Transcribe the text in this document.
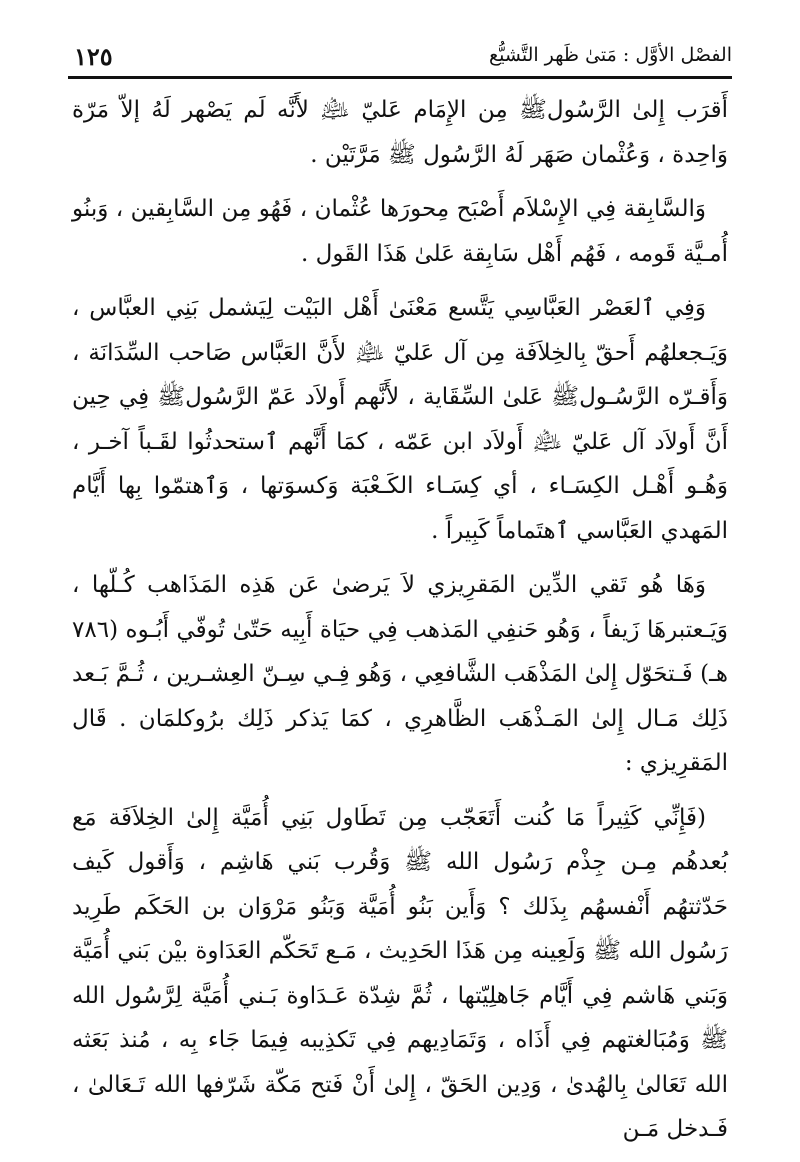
١٢٥	الفصْل الأوَّل : مَتىٰ ظَهر التَّشيُّع

أَقرَب إِلىٰ الرَّسُولﷺ مِن الإِمَام عَليّ ﵇ لأَنَّه لَم يَصْهر لَهُ إلاّ مَرّة وَاحِدة ، وَعُثْمان صَهَر لَهُ الرَّسُول ﷺ مَرَّتَيْن .

وَالسَّابِقة فِي الإِسْلاَم أَصْبَح مِحورَها عُثْمان ، فَهُو مِن السَّابِقين ، وَبنُو أُمـيَّة قَومه ، فَهُم أَهْل سَابِقة عَلىٰ هَذَا القَول .

وَفِي ٱلعَصْر العَبَّاسِي يَتَّسع مَعْنَىٰ أَهْل البَيْت لِيَشمل بَنِي العبَّاس ، وَيَـجعلهُم أَحقّ بِالخِلاَفَة مِن آل عَليّ ﵇ لأَنَّ العَبَّاس صَاحب السِّدَانَة ، وَأَقـرّه الرَّسُـولﷺ عَلىٰ السِّقَاية ، لأَنَّهم أَولاَد عَمّ الرَّسُولﷺ فِي حِين أَنَّ أَولاَد آل عَليّ ﵇ أَولاَد ابن عَمّه ، كمَا أَنَّهم ٱستحدثُوا لقَـباً آخـر ، وَهُـو أَهْـل الكِسَـاء ، أي كِسَـاء الكَـعْبَة وَكسوَتها ، وَٱهتمّوا بِها أَيَّام المَهدي العَبَّاسي ٱهتَماماً كَبِيراً .

وَهَا هُو تَقي الدِّين المَقرِيزي لاَ يَرضىٰ عَن هَذِه المَذَاهب كُـلّها ، وَيَـعتبرهَا زَيفاً ، وَهُو حَنفِي المَذهب فِي حيَاة أَبِيه حَتّىٰ تُوفّي أَبُـوه (٧٨٦ هـ) فَـتحَوّل إِلىٰ المَذْهَب الشَّافعِي ، وَهُو فِـي سِـنّ العِشـرين ، ثُـمَّ بَـعد ذَلِك مَـال إِلىٰ المَـذْهَب الظَّاهرِي ، كمَا يَذكر ذَلِك برُوكلمَان . قَال المَقرِيزي :

(فَإِنِّي كَثِيراً مَا كُنت أَتَعَجّب مِن تَطَاول بَنِي أُمَيَّة إِلىٰ الخِلاَفَة مَع بُعدهُم مِـن جِذْم رَسُول الله ﷺ وَقُرب بَني هَاشِم ، وَأَقول كَيف حَدّثتهُم أَنْفسهُم بِذَلك ؟ وَأَين بَنُو أُمَيَّة وَبَنُو مَرْوَان بن الحَكَم طَرِيد رَسُول الله ﷺ وَلَعِينه مِن هَذَا الحَدِيث ، مَـع تَحَكّم العَدَاوة بيْن بَني أُمَيَّة وَبَني هَاشم فِي أَيَّام جَاهلِيّتها ، ثُمَّ شِدّة عَـدَاوة بَـني أُمَيَّة لِرَّسُول الله ﷺ وَمُبَالغتهم فِي أَذَاه ، وَتَمَادِيهم فِي تَكذِيبه فِيمَا جَاء بِه ، مُنذ بَعَثه الله تَعَالىٰ بِالهُدىٰ ، وَدِين الحَقّ ، إِلىٰ أَنْ فَتح مَكّة شَرّفها الله تَـعَالىٰ ، فَـدخل مَـن
